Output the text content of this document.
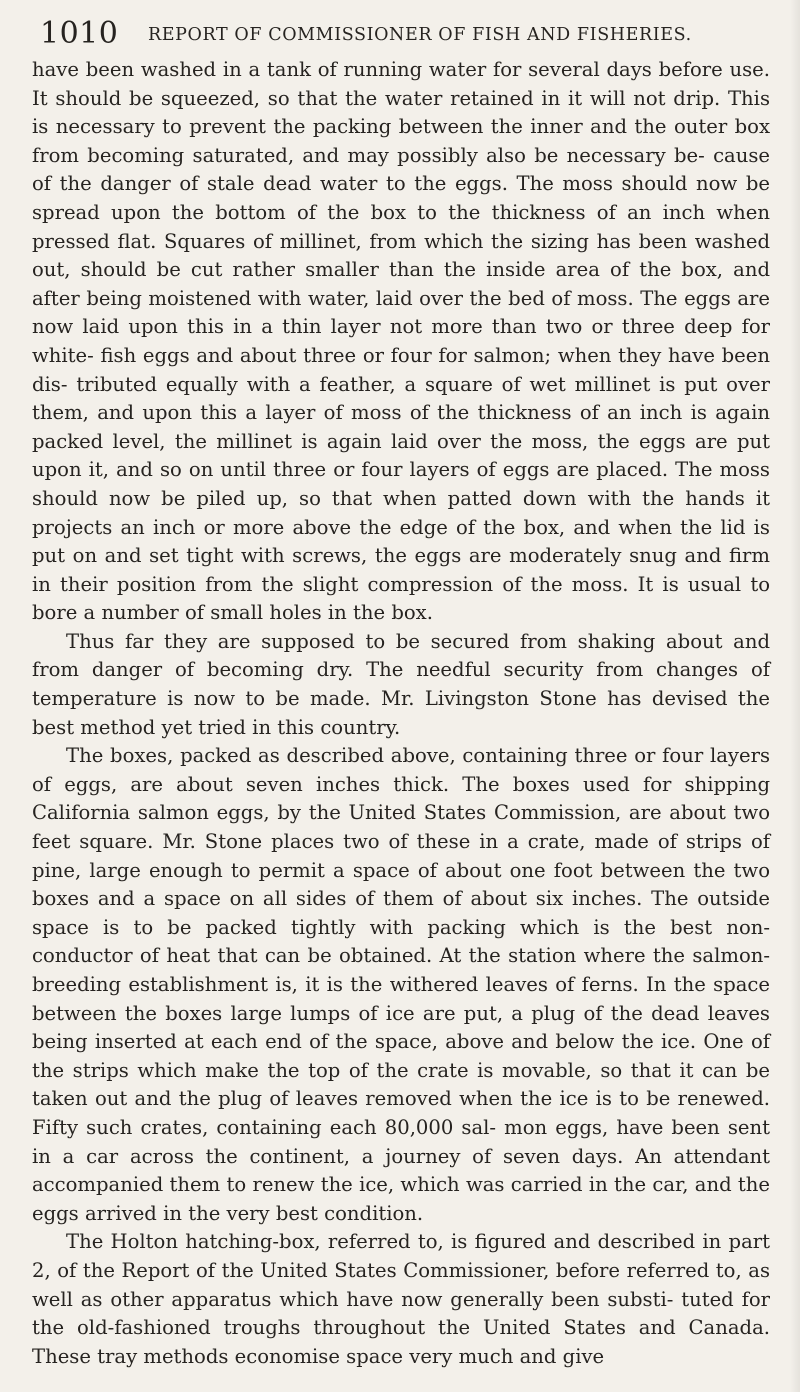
1010 REPORT OF COMMISSIONER OF FISH AND FISHERIES.

have been washed in a tank of running water for several days before use. It should be squeezed, so that the water retained in it will not drip. This is necessary to prevent the packing between the inner and the outer box from becoming saturated, and may possibly also be necessary be- cause of the danger of stale dead water to the eggs. The moss should now be spread upon the bottom of the box to the thickness of an inch when pressed flat. Squares of millinet, from which the sizing has been washed out, should be cut rather smaller than the inside area of the box, and after being moistened with water, laid over the bed of moss. The eggs are now laid upon this in a thin layer not more than two or three deep for white- fish eggs and about three or four for salmon; when they have been dis- tributed equally with a feather, a square of wet millinet is put over them, and upon this a layer of moss of the thickness of an inch is again packed level, the millinet is again laid over the moss, the eggs are put upon it, and so on until three or four layers of eggs are placed. The moss should now be piled up, so that when patted down with the hands it projects an inch or more above the edge of the box, and when the lid is put on and set tight with screws, the eggs are moderately snug and firm in their position from the slight compression of the moss. It is usual to bore a number of small holes in the box.

Thus far they are supposed to be secured from shaking about and from danger of becoming dry. The needful security from changes of temperature is now to be made. Mr. Livingston Stone has devised the best method yet tried in this country.

The boxes, packed as described above, containing three or four layers of eggs, are about seven inches thick. The boxes used for shipping California salmon eggs, by the United States Commission, are about two feet square. Mr. Stone places two of these in a crate, made of strips of pine, large enough to permit a space of about one foot between the two boxes and a space on all sides of them of about six inches. The outside space is to be packed tightly with packing which is the best non-conductor of heat that can be obtained. At the station where the salmon-breeding establishment is, it is the withered leaves of ferns. In the space between the boxes large lumps of ice are put, a plug of the dead leaves being inserted at each end of the space, above and below the ice. One of the strips which make the top of the crate is movable, so that it can be taken out and the plug of leaves removed when the ice is to be renewed. Fifty such crates, containing each 80,000 sal- mon eggs, have been sent in a car across the continent, a journey of seven days. An attendant accompanied them to renew the ice, which was carried in the car, and the eggs arrived in the very best condition.

The Holton hatching-box, referred to, is figured and described in part 2, of the Report of the United States Commissioner, before referred to, as well as other apparatus which have now generally been substi- tuted for the old-fashioned troughs throughout the United States and Canada. These tray methods economise space very much and give
